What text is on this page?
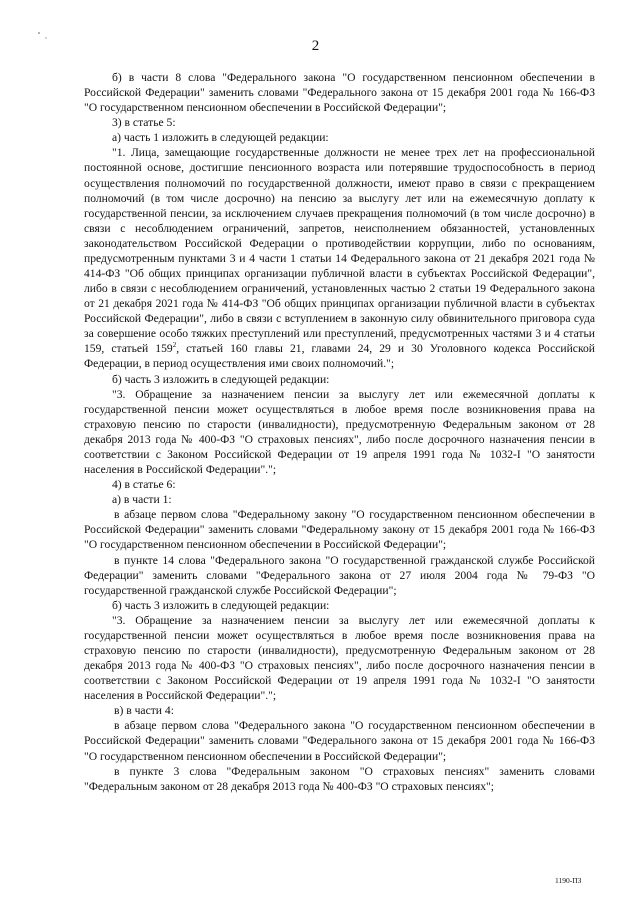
2

б) в части 8 слова "Федерального закона "О государственном пенсионном обеспечении в Российской Федерации" заменить словами "Федерального закона от 15 декабря 2001 года № 166-ФЗ "О государственном пенсионном обеспечении в Российской Федерации";

3) в статье 5:

а) часть 1 изложить в следующей редакции:

"1. Лица, замещающие государственные должности не менее трех лет на профессиональной постоянной основе, достигшие пенсионного возраста или потерявшие трудоспособность в период осуществления полномочий по государственной должности, имеют право в связи с прекращением полномочий (в том числе досрочно) на пенсию за выслугу лет или на ежемесячную доплату к государственной пенсии, за исключением случаев прекращения полномочий (в том числе досрочно) в связи с несоблюдением ограничений, запретов, неисполнением обязанностей, установленных законодательством Российской Федерации о противодействии коррупции, либо по основаниям, предусмотренным пунктами 3 и 4 части 1 статьи 14 Федерального закона от 21 декабря 2021 года № 414-ФЗ "Об общих принципах организации публичной власти в субъектах Российской Федерации", либо в связи с несоблюдением ограничений, установленных частью 2 статьи 19 Федерального закона от 21 декабря 2021 года № 414-ФЗ "Об общих принципах организации публичной власти в субъектах Российской Федерации", либо в связи с вступлением в законную силу обвинительного приговора суда за совершение особо тяжких преступлений или преступлений, предусмотренных частями 3 и 4 статьи 159, статьей $159^2$, статьей 160 главы 21, главами 24, 29 и 30 Уголовного кодекса Российской Федерации, в период осуществления ими своих полномочий.";

б) часть 3 изложить в следующей редакции:

"3. Обращение за назначением пенсии за выслугу лет или ежемесячной доплаты к государственной пенсии может осуществляться в любое время после возникновения права на страховую пенсию по старости (инвалидности), предусмотренную Федеральным законом от 28 декабря 2013 года № 400-ФЗ "О страховых пенсиях", либо после досрочного назначения пенсии в соответствии с Законом Российской Федерации от 19 апреля 1991 года № 1032-I "О занятости населения в Российской Федерации".";

4) в статье 6:

а) в части 1:

в абзаце первом слова "Федеральному закону "О государственном пенсионном обеспечении в Российской Федерации" заменить словами "Федеральному закону от 15 декабря 2001 года № 166-ФЗ "О государственном пенсионном обеспечении в Российской Федерации";

в пункте 14 слова "Федерального закона "О государственной гражданской службе Российской Федерации" заменить словами "Федерального закона от 27 июля 2004 года № 79-ФЗ "О государственной гражданской службе Российской Федерации";

б) часть 3 изложить в следующей редакции:

"3. Обращение за назначением пенсии за выслугу лет или ежемесячной доплаты к государственной пенсии может осуществляться в любое время после возникновения права на страховую пенсию по старости (инвалидности), предусмотренную Федеральным законом от 28 декабря 2013 года № 400-ФЗ "О страховых пенсиях", либо после досрочного назначения пенсии в соответствии с Законом Российской Федерации от 19 апреля 1991 года № 1032-I "О занятости населения в Российской Федерации".";

в) в части 4:

в абзаце первом слова "Федерального закона "О государственном пенсионном обеспечении в Российской Федерации" заменить словами "Федерального закона от 15 декабря 2001 года № 166-ФЗ "О государственном пенсионном обеспечении в Российской Федерации";

в пункте 3 слова "Федеральным законом "О страховых пенсиях" заменить словами "Федеральным законом от 28 декабря 2013 года № 400-ФЗ "О страховых пенсиях";

1190-ПЗ
